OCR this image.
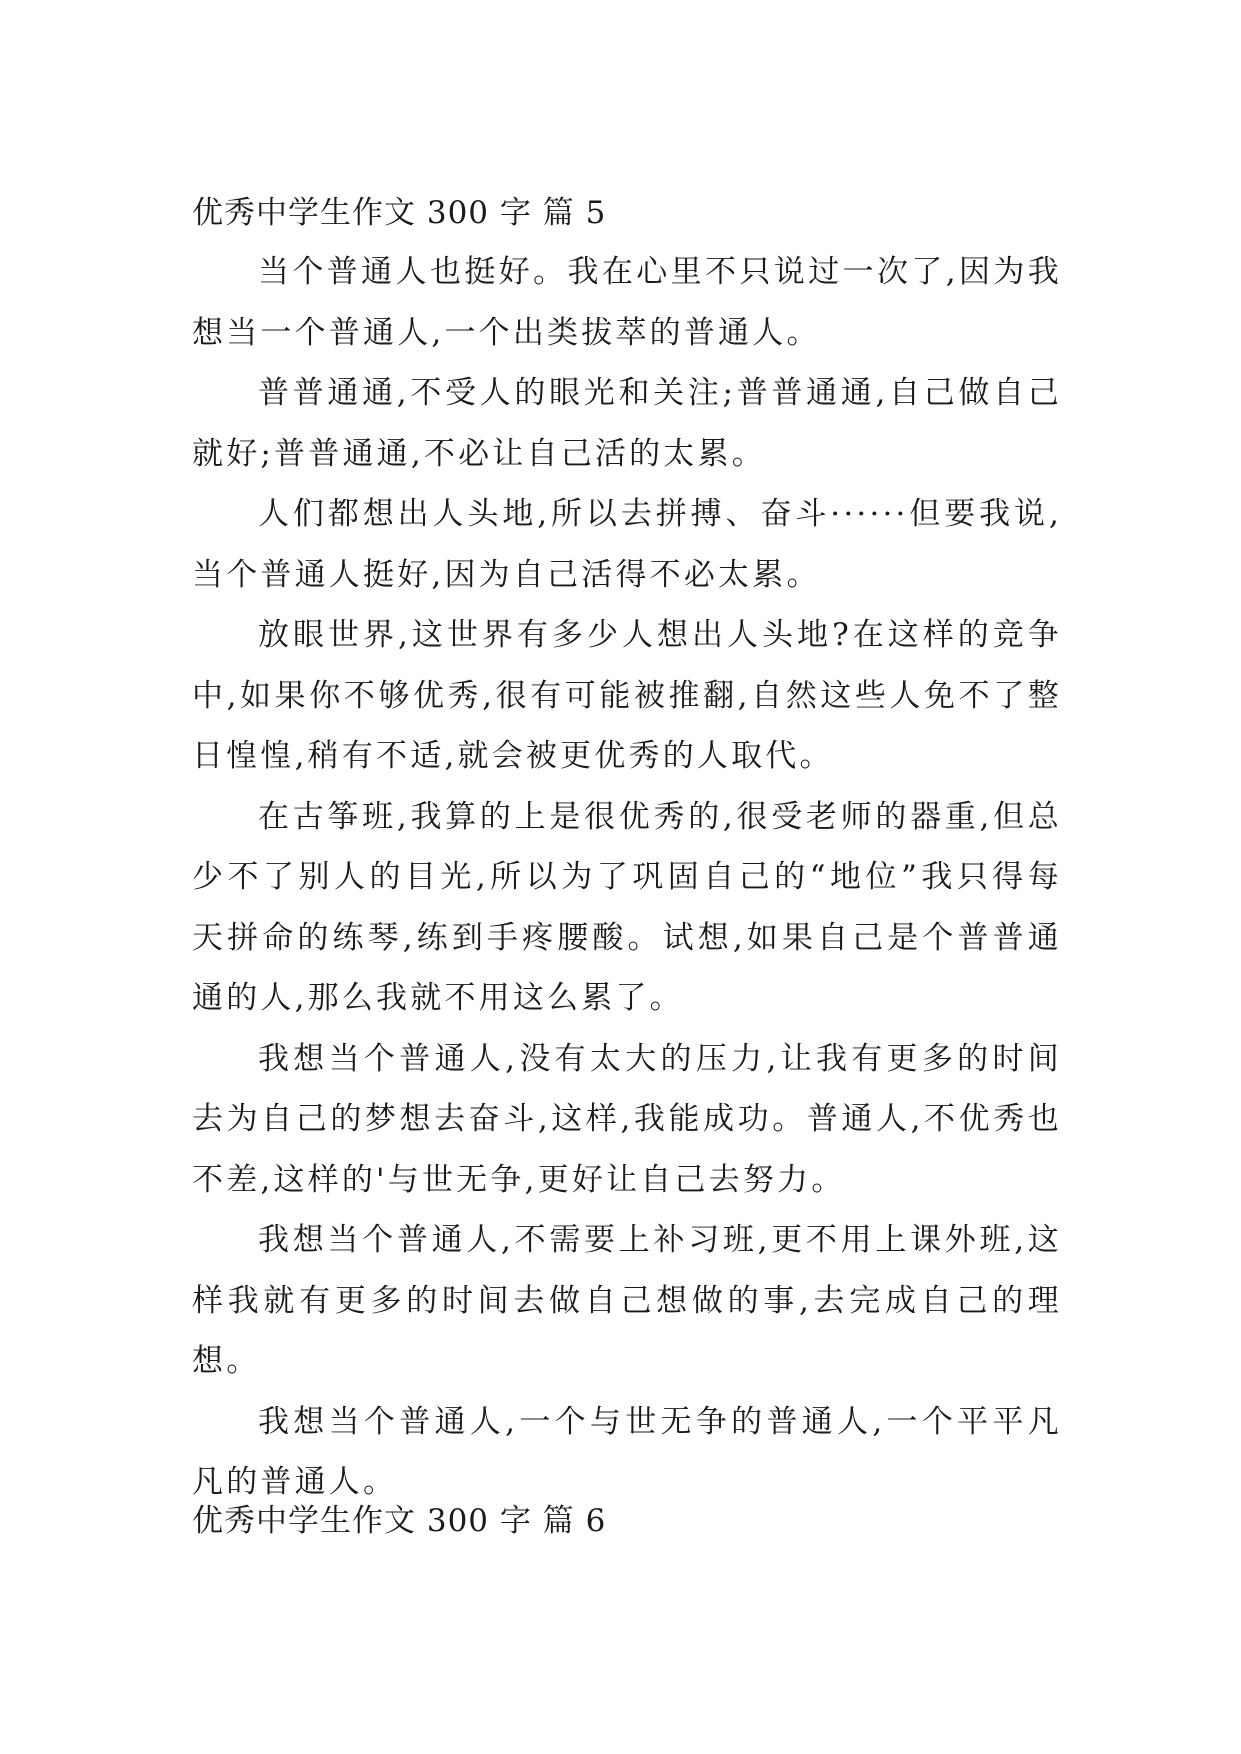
优秀中学生作文 300 字 篇 5

当个普通人也挺好。我在心里不只说过一次了,因为我想当一个普通人,一个出类拔萃的普通人。

普普通通,不受人的眼光和关注;普普通通,自己做自己就好;普普通通,不必让自己活的太累。

人们都想出人头地,所以去拼搏、奋斗······但要我说,当个普通人挺好,因为自己活得不必太累。

放眼世界,这世界有多少人想出人头地?在这样的竞争中,如果你不够优秀,很有可能被推翻,自然这些人免不了整日惶惶,稍有不适,就会被更优秀的人取代。

在古筝班,我算的上是很优秀的,很受老师的器重,但总少不了别人的目光,所以为了巩固自己的“地位”我只得每天拼命的练琴,练到手疼腰酸。试想,如果自己是个普普通通的人,那么我就不用这么累了。

我想当个普通人,没有太大的压力,让我有更多的时间去为自己的梦想去奋斗,这样,我能成功。普通人,不优秀也不差,这样的'与世无争,更好让自己去努力。

我想当个普通人,不需要上补习班,更不用上课外班,这样我就有更多的时间去做自己想做的事,去完成自己的理想。

我想当个普通人,一个与世无争的普通人,一个平平凡凡的普通人。

优秀中学生作文 300 字 篇 6
